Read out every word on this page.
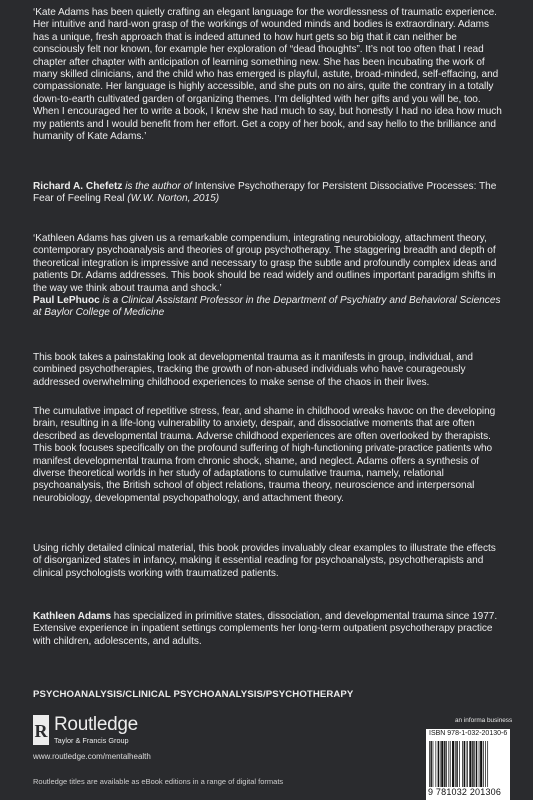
‘Kate Adams has been quietly crafting an elegant language for the wordlessness of traumatic experience. Her intuitive and hard-won grasp of the workings of wounded minds and bodies is extraordinary. Adams has a unique, fresh approach that is indeed attuned to how hurt gets so big that it can neither be consciously felt nor known, for example her exploration of “dead thoughts”. It’s not too often that I read chapter after chapter with anticipation of learning something new. She has been incubating the work of many skilled clinicians, and the child who has emerged is playful, astute, broad-minded, self-effacing, and compassionate. Her language is highly accessible, and she puts on no airs, quite the contrary in a totally down-to-earth cultivated garden of organizing themes. I’m delighted with her gifts and you will be, too. When I encouraged her to write a book, I knew she had much to say, but honestly I had no idea how much my patients and I would benefit from her effort. Get a copy of her book, and say hello to the brilliance and humanity of Kate Adams.’

Richard A. Chefetz is the author of Intensive Psychotherapy for Persistent Dissociative Processes: The Fear of Feeling Real (W.W. Norton, 2015)

‘Kathleen Adams has given us a remarkable compendium, integrating neurobiology, attachment theory, contemporary psychoanalysis and theories of group psychotherapy. The staggering breadth and depth of theoretical integration is impressive and necessary to grasp the subtle and profoundly complex ideas and patients Dr. Adams addresses. This book should be read widely and outlines important paradigm shifts in the way we think about trauma and shock.’

Paul LePhuoc is a Clinical Assistant Professor in the Department of Psychiatry and Behavioral Sciences at Baylor College of Medicine

This book takes a painstaking look at developmental trauma as it manifests in group, individual, and combined psychotherapies, tracking the growth of non-abused individuals who have courageously addressed overwhelming childhood experiences to make sense of the chaos in their lives.

The cumulative impact of repetitive stress, fear, and shame in childhood wreaks havoc on the developing brain, resulting in a life-long vulnerability to anxiety, despair, and dissociative moments that are often described as developmental trauma. Adverse childhood experiences are often overlooked by therapists. This book focuses specifically on the profound suffering of high-functioning private-practice patients who manifest developmental trauma from chronic shock, shame, and neglect. Adams offers a synthesis of diverse theoretical worlds in her study of adaptations to cumulative trauma, namely, relational psychoanalysis, the British school of object relations, trauma theory, neuroscience and interpersonal neurobiology, developmental psychopathology, and attachment theory.

Using richly detailed clinical material, this book provides invaluably clear examples to illustrate the effects of disorganized states in infancy, making it essential reading for psychoanalysts, psychotherapists and clinical psychologists working with traumatized patients.

Kathleen Adams has specialized in primitive states, dissociation, and developmental trauma since 1977. Extensive experience in inpatient settings complements her long-term outpatient psychotherapy practice with children, adolescents, and adults.

PSYCHOANALYSIS/CLINICAL PSYCHOANALYSIS/PSYCHOTHERAPY
R Routledge
Taylor & Francis Group
www.routledge.com/mentalhealth
Routledge titles are available as eBook editions in a range of digital formats
an informa business
ISBN 978-1-032-20130-6
9 781032 201306
